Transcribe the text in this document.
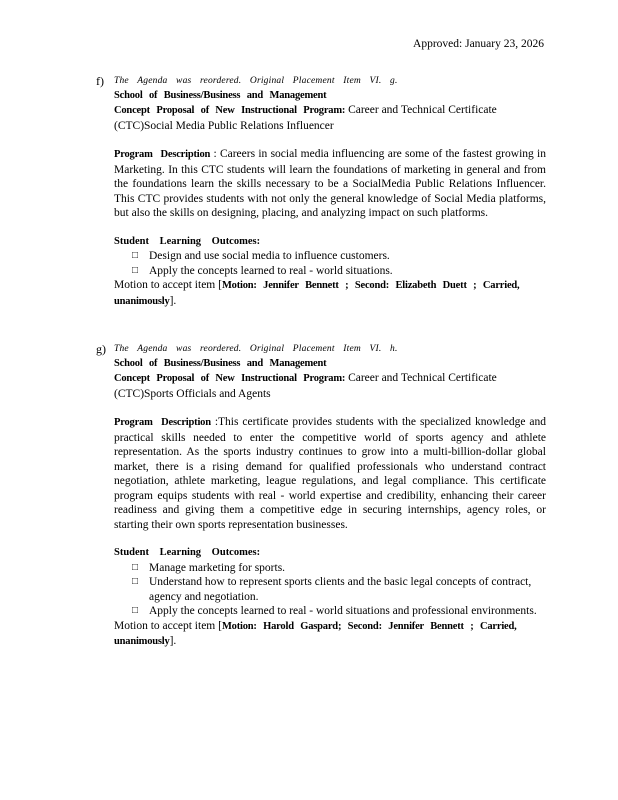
Approved: January 23, 2026
f) The Agenda was reordered. Original Placement Item VI. g.
School of Business/Business and Management
Concept Proposal of New Instructional Program: Career and Technical Certificate (CTC)Social Media Public Relations Influencer
Program Description : Careers in social media influencing are some of the fastest growing in Marketing. In this CTC students will learn the foundations of marketing in general and from the foundations learn the skills necessary to be a SocialMedia Public Relations Influencer. This CTC provides students with not only the general knowledge of Social Media platforms, but also the skills on designing, placing, and analyzing impact on such platforms.
Student Learning Outcomes:
□ Design and use social media to influence customers.
□ Apply the concepts learned to real - world situations.
Motion to accept item [Motion: Jennifer Bennett ; Second: Elizabeth Duett ; Carried, unanimously].
g) The Agenda was reordered. Original Placement Item VI. h.
School of Business/Business and Management
Concept Proposal of New Instructional Program: Career and Technical Certificate (CTC)Sports Officials and Agents
Program Description :This certificate provides students with the specialized knowledge and practical skills needed to enter the competitive world of sports agency and athlete representation. As the sports industry continues to grow into a multi-billion-dollar global market, there is a rising demand for qualified professionals who understand contract negotiation, athlete marketing, league regulations, and legal compliance. This certificate program equips students with real - world expertise and credibility, enhancing their career readiness and giving them a competitive edge in securing internships, agency roles, or starting their own sports representation businesses.
Student Learning Outcomes:
□ Manage marketing for sports.
□ Understand how to represent sports clients and the basic legal concepts of contract, agency and negotiation.
□ Apply the concepts learned to real - world situations and professional environments.
Motion to accept item [Motion: Harold Gaspard; Second: Jennifer Bennett ; Carried, unanimously].
